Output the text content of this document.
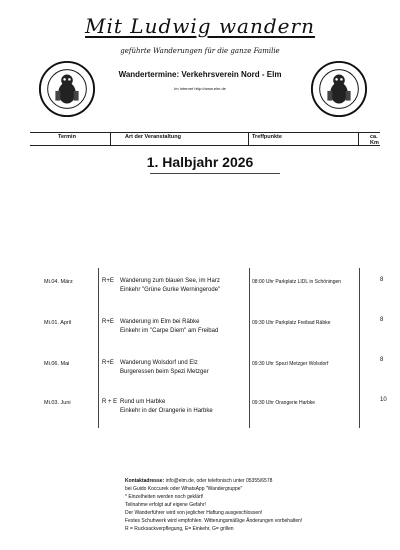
Mit Ludwig wandern
geführte Wanderungen für die ganze Familie
Wandertermine: Verkehrsverein Nord - Elm
Im Internet http://www.elm.de
Termin	Art der Veranstaltung	Treffpunkte	ca. Km
1. Halbjahr 2026
Mi.04. März	R+E Wanderung zum blauen See, im Harz
Einkehr "Grüne Gurke Werningerode"
08:00 Uhr Parkplatz LIDL in Schöningen	8
Mi.01. April	R+E Wanderung im Elm bei Räbke
Einkehr im "Carpe Diem" am Freibad
09:30 Uhr Parkplatz Freibad Räbke	8
Mi.06. Mai	R+E Wanderung Wolsdorf und Elz
Burgeressen beim Spezi Metzger
09:30 Uhr Spezi Metzger Wolsdorf
8
Mi.03. Juni	R + E Rund um Harbke
Einkehr in der Orangerie in Harbke
09:30 Uhr Orangerie Harbke	10
Kontaktadresse: info@elm.de, oder telefonisch unter 05355/6578
bei Guido Koccurek oder WhatsApp "Wandergruppe"
* Einzelheiten werden noch geklärt!
Teilnahme erfolgt auf eigene Gefahr!
Der Wanderführer wird von jeglicher Haftung ausgeschlossen!
Festes Schuhwerk wird empfohlen. Witterungsmäßige Änderungen vorbehalten!
R = Rucksackverpflegung, E= Einkehr, G= grillen
